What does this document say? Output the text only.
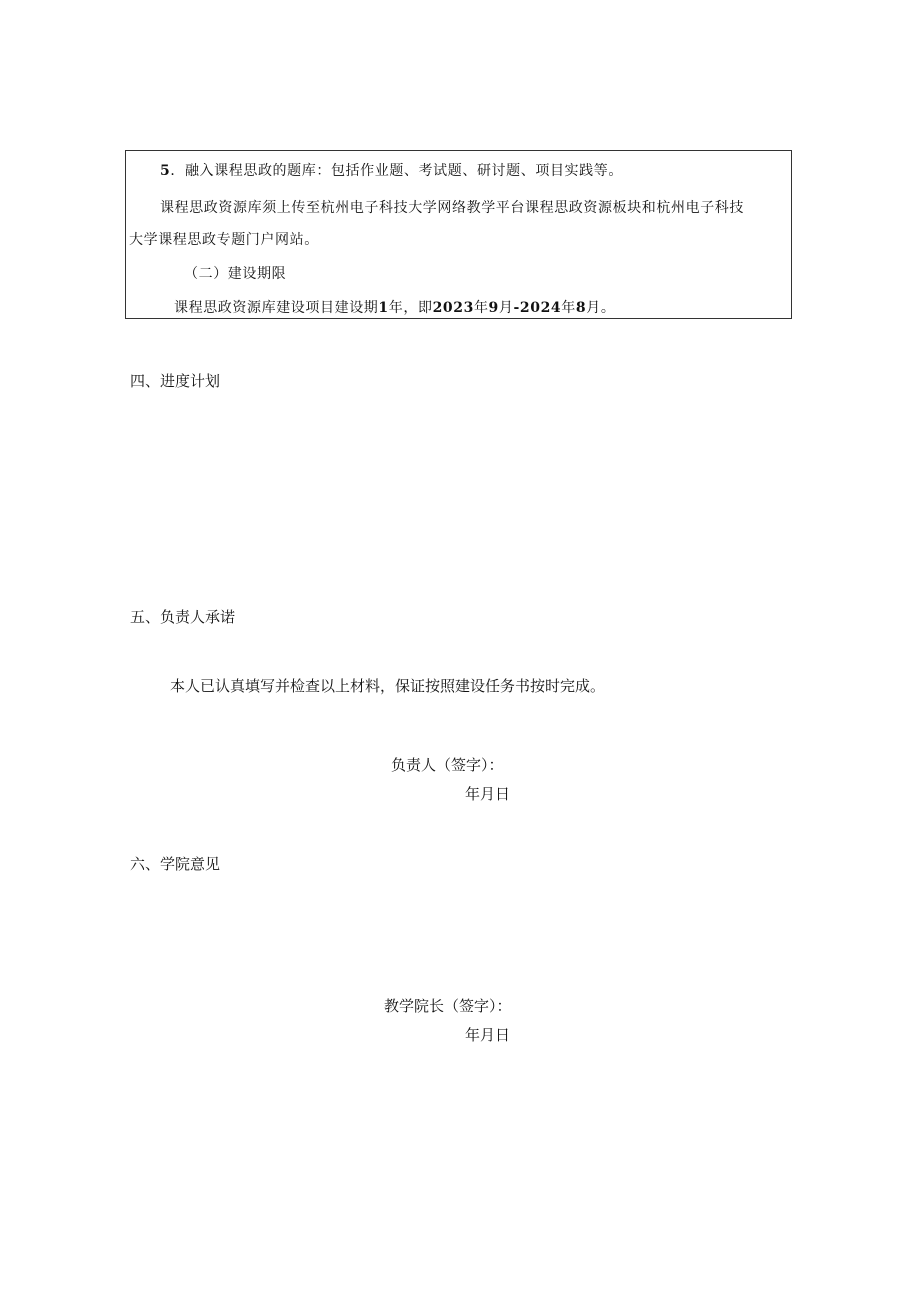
5．融入课程思政的题库：包括作业题、考试题、研讨题、项目实践等。
课程思政资源库须上传至杭州电子科技大学网络教学平台课程思政资源板块和杭州电子科技
大学课程思政专题门户网站。
（二）建设期限
课程思政资源库建设项目建设期1年，即2023年9月-2024年8月。
四、进度计划
五、负责人承诺
本人已认真填写并检查以上材料，保证按照建设任务书按时完成。
负责人（签字）：
年月日
六、学院意见
教学院长（签字）：
年月日
